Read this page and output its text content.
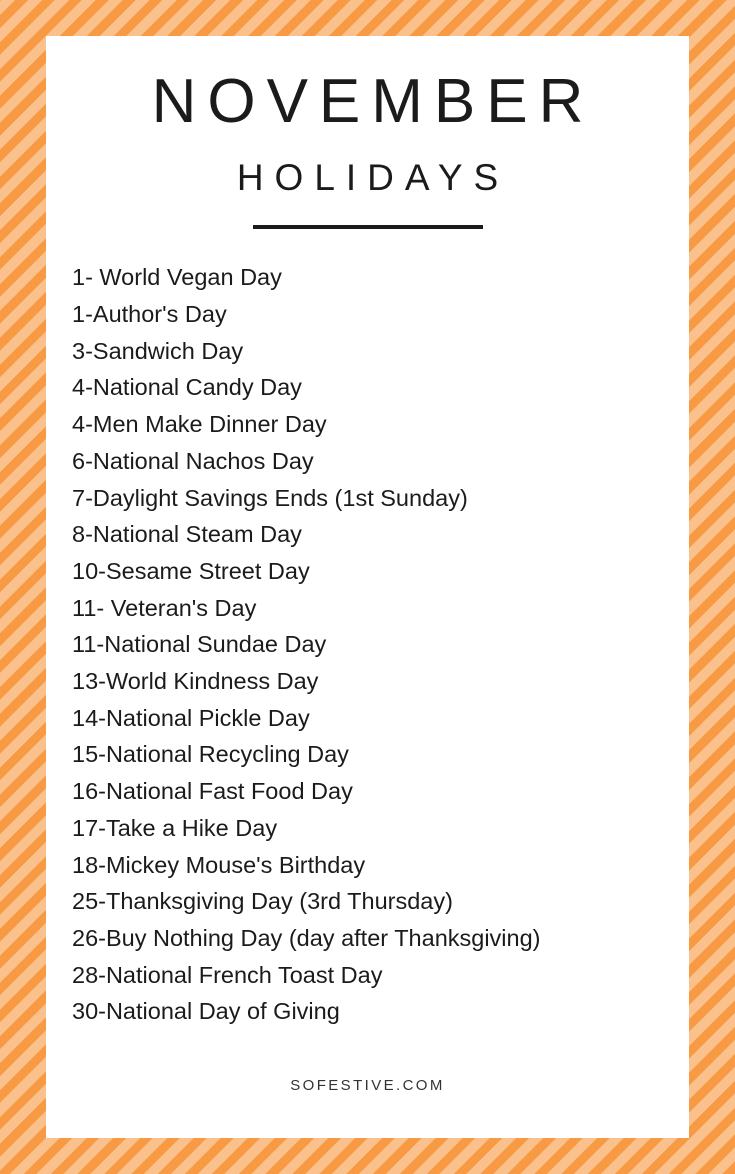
NOVEMBER
HOLIDAYS
1- World Vegan Day
1-Author's Day
3-Sandwich Day
4-National Candy Day
4-Men Make Dinner Day
6-National Nachos Day
7-Daylight Savings Ends (1st Sunday)
8-National Steam Day
10-Sesame Street Day
11- Veteran's Day
11-National Sundae Day
13-World Kindness Day
14-National Pickle Day
15-National Recycling Day
16-National Fast Food Day
17-Take a Hike Day
18-Mickey Mouse's Birthday
25-Thanksgiving Day (3rd Thursday)
26-Buy Nothing Day (day after Thanksgiving)
28-National French Toast Day
30-National Day of Giving
SOFESTIVE.COM
